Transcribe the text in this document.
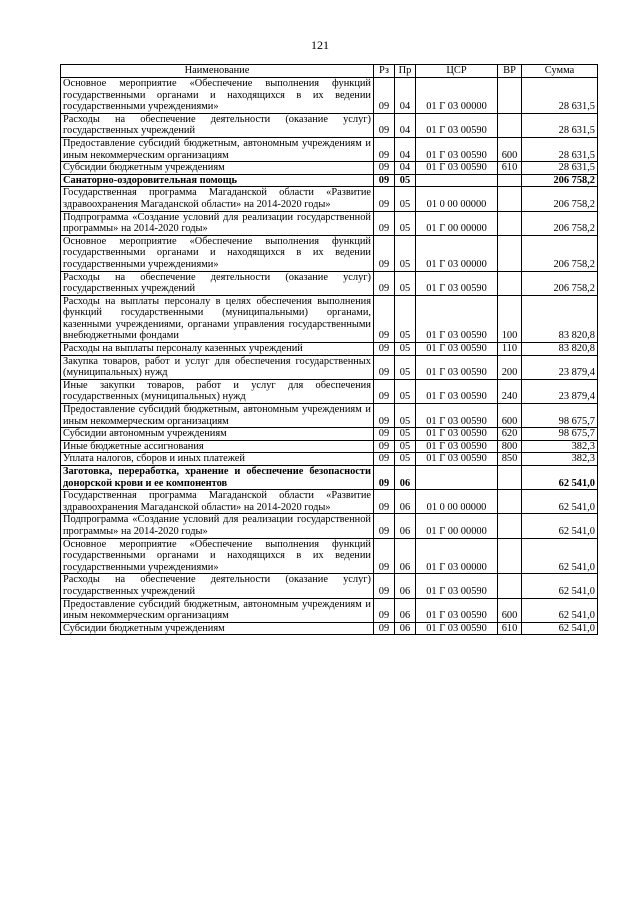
121
Наименование	Рз	Пр	ЦСР	ВР	Сумма
Основное мероприятие «Обеспечение выполнения функций государственными органами и находящихся в их ведении государственными учреждениями»	09	04	01 Г 03 00000		28 631,5
Расходы на обеспечение деятельности (оказание услуг) государственных учреждений	09	04	01 Г 03 00590		28 631,5
Предоставление субсидий бюджетным, автономным учреждениям и иным некоммерческим организациям	09	04	01 Г 03 00590	600	28 631,5
Субсидии бюджетным учреждениям	09	04	01 Г 03 00590	610	28 631,5
Санаторно-оздоровительная помощь	09	05			206 758,2
Государственная программа Магаданской области «Развитие здравоохранения Магаданской области» на 2014-2020 годы»	09	05	01 0 00 00000		206 758,2
Подпрограмма «Создание условий для реализации государственной программы» на 2014-2020 годы»	09	05	01 Г 00 00000		206 758,2
Основное мероприятие «Обеспечение выполнения функций государственными органами и находящихся в их ведении государственными учреждениями»	09	05	01 Г 03 00000		206 758,2
Расходы на обеспечение деятельности (оказание услуг) государственных учреждений	09	05	01 Г 03 00590		206 758,2
Расходы на выплаты персоналу в целях обеспечения выполнения функций государственными (муниципальными) органами, казенными учреждениями, органами управления государственными внебюджетными фондами	09	05	01 Г 03 00590	100	83 820,8
Расходы на выплаты персоналу казенных учреждений	09	05	01 Г 03 00590	110	83 820,8
Закупка товаров, работ и услуг для обеспечения государственных (муниципальных) нужд	09	05	01 Г 03 00590	200	23 879,4
Иные закупки товаров, работ и услуг для обеспечения государственных (муниципальных) нужд	09	05	01 Г 03 00590	240	23 879,4
Предоставление субсидий бюджетным, автономным учреждениям и иным некоммерческим организациям	09	05	01 Г 03 00590	600	98 675,7
Субсидии автономным учреждениям	09	05	01 Г 03 00590	620	98 675,7
Иные бюджетные ассигнования	09	05	01 Г 03 00590	800	382,3
Уплата налогов, сборов и иных платежей	09	05	01 Г 03 00590	850	382,3
Заготовка, переработка, хранение и обеспечение безопасности донорской крови и ее компонентов	09	06			62 541,0
Государственная программа Магаданской области «Развитие здравоохранения Магаданской области» на 2014-2020 годы»	09	06	01 0 00 00000		62 541,0
Подпрограмма «Создание условий для реализации государственной программы» на 2014-2020 годы»	09	06	01 Г 00 00000		62 541,0
Основное мероприятие «Обеспечение выполнения функций государственными органами и находящихся в их ведении государственными учреждениями»	09	06	01 Г 03 00000		62 541,0
Расходы на обеспечение деятельности (оказание услуг) государственных учреждений	09	06	01 Г 03 00590		62 541,0
Предоставление субсидий бюджетным, автономным учреждениям и иным некоммерческим организациям	09	06	01 Г 03 00590	600	62 541,0
Субсидии бюджетным учреждениям	09	06	01 Г 03 00590	610	62 541,0
